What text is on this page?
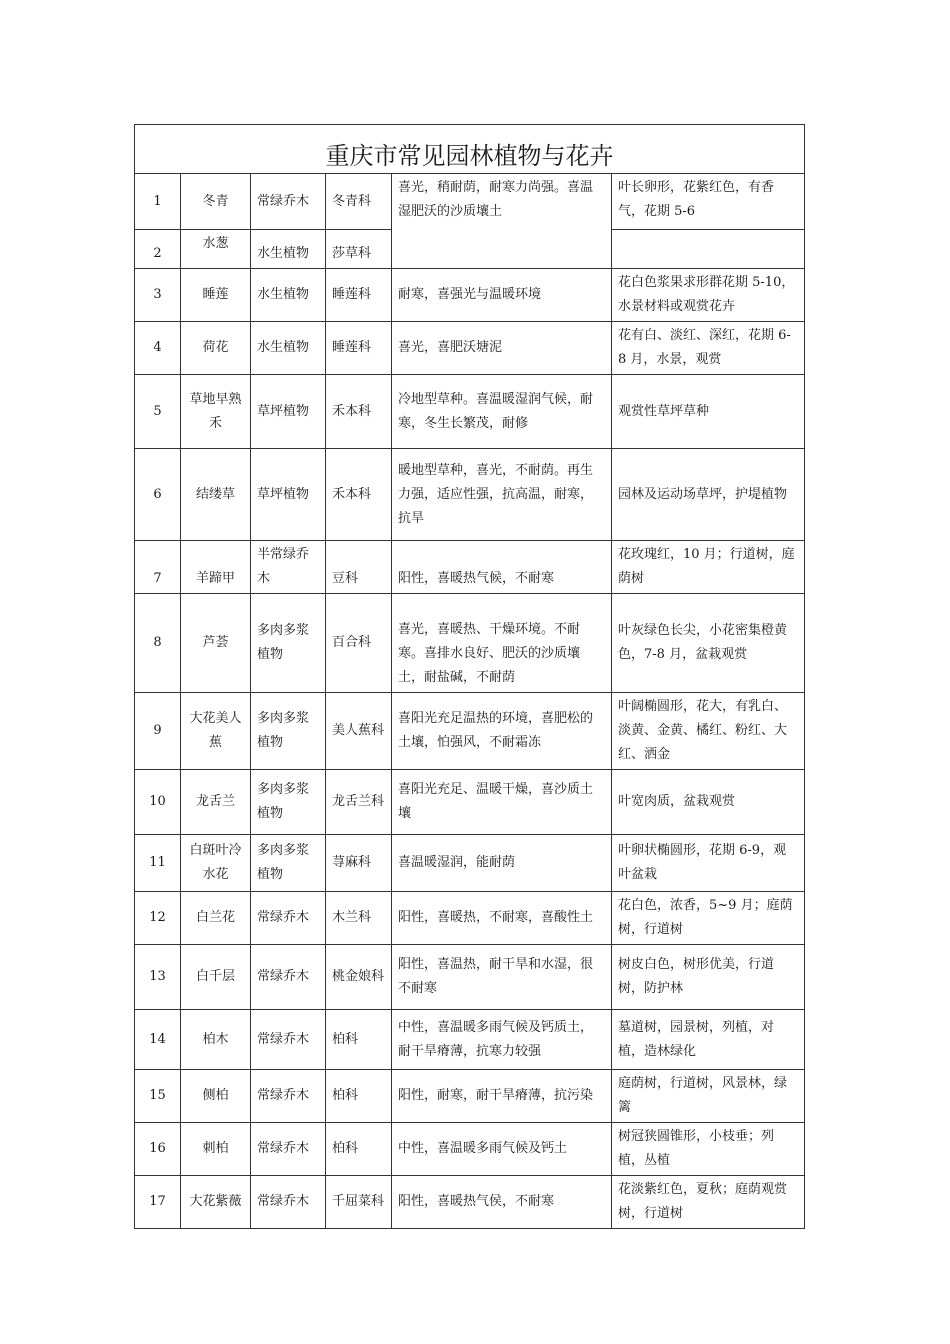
重庆市常见园林植物与花卉					
1	冬青	常绿乔木	冬青科	喜光，稍耐荫，耐寒力尚强。喜温湿肥沃的沙质壤土	叶长卵形，花紫红色，有香气，花期 5-6
2	水葱	水生植物	莎草科		
3	睡莲	水生植物	睡莲科	耐寒，喜强光与温暖环境	花白色浆果求形群花期 5-10，水景材料或观赏花卉
4	荷花	水生植物	睡莲科	喜光，喜肥沃塘泥	花有白、淡红、深红，花期 6-8 月，水景，观赏
5	草地早熟禾	草坪植物	禾本科	冷地型草种。喜温暖湿润气候，耐寒，冬生长繁茂，耐修	观赏性草坪草种
6	结缕草	草坪植物	禾本科	暖地型草种，喜光，不耐荫。再生力强，适应性强，抗高温，耐寒，抗旱	园林及运动场草坪，护堤植物
7	羊蹄甲	半常绿乔木	豆科	阳性，喜暖热气候，不耐寒	花玫瑰红，10 月；行道树，庭荫树
8	芦荟	多肉多浆植物	百合科	喜光，喜暖热、干燥环境。不耐寒。喜排水良好、肥沃的沙质壤土，耐盐碱，不耐荫	叶灰绿色长尖，小花密集橙黄色，7-8 月，盆栽观赏
9	大花美人蕉	多肉多浆植物	美人蕉科	喜阳光充足温热的环境，喜肥松的土壤，怕强风，不耐霜冻	叶阔椭圆形，花大，有乳白、淡黄、金黄、橘红、粉红、大红、洒金
10	龙舌兰	多肉多浆植物	龙舌兰科	喜阳光充足、温暖干燥，喜沙质土壤	叶宽肉质，盆栽观赏
11	白斑叶冷水花	多肉多浆植物	荨麻科	喜温暖湿润，能耐荫	叶卵状椭圆形，花期 6-9，观叶盆栽
12	白兰花	常绿乔木	木兰科	阳性，喜暖热，不耐寒，喜酸性土	花白色，浓香，5~9 月；庭荫树，行道树
13	白千层	常绿乔木	桃金娘科	阳性，喜温热，耐干旱和水湿，很不耐寒	树皮白色，树形优美，行道树，防护林
14	柏木	常绿乔木	柏科	中性，喜温暖多雨气候及钙质土，耐干旱瘠薄，抗寒力较强	墓道树，园景树，列植，对植，造林绿化
15	侧柏	常绿乔木	柏科	阳性，耐寒，耐干旱瘠薄，抗污染	庭荫树，行道树，风景林，绿篱
16	刺柏	常绿乔木	柏科	中性，喜温暖多雨气候及钙土	树冠狭圆锥形，小枝垂；列植，丛植
17	大花紫薇	常绿乔木	千屈菜科	阳性，喜暖热气侯，不耐寒	花淡紫红色，夏秋；庭荫观赏树，行道树
